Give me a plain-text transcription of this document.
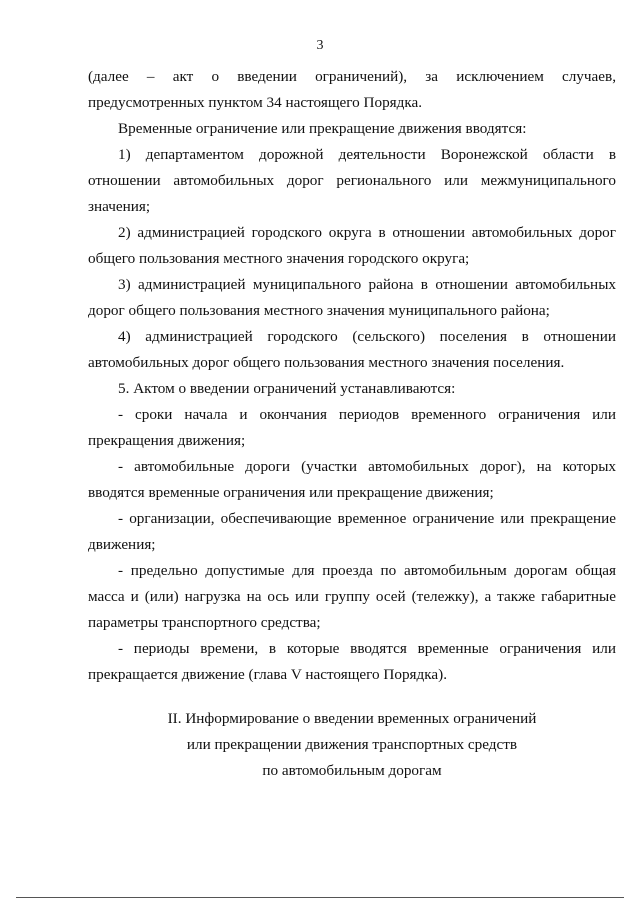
3

(далее – акт о введении ограничений), за исключением случаев, предусмотренных пунктом 34 настоящего Порядка.

Временные ограничение или прекращение движения вводятся:

1) департаментом дорожной деятельности Воронежской области в отношении автомобильных дорог регионального или межмуниципального значения;

2) администрацией городского округа в отношении автомобильных дорог общего пользования местного значения городского округа;

3) администрацией муниципального района в отношении автомобильных дорог общего пользования местного значения муниципального района;

4) администрацией городского (сельского) поселения в отношении автомобильных дорог общего пользования местного значения поселения.

5. Актом о введении ограничений устанавливаются:

- сроки начала и окончания периодов временного ограничения или прекращения движения;

- автомобильные дороги (участки автомобильных дорог), на которых вводятся временные ограничения или прекращение движения;

- организации, обеспечивающие временное ограничение или прекращение движения;

- предельно допустимые для проезда по автомобильным дорогам общая масса и (или) нагрузка на ось или группу осей (тележку), а также габаритные параметры транспортного средства;

- периоды времени, в которые вводятся временные ограничения или прекращается движение (глава V настоящего Порядка).

II. Информирование о введении временных ограничений
или прекращении движения транспортных средств
по автомобильным дорогам
